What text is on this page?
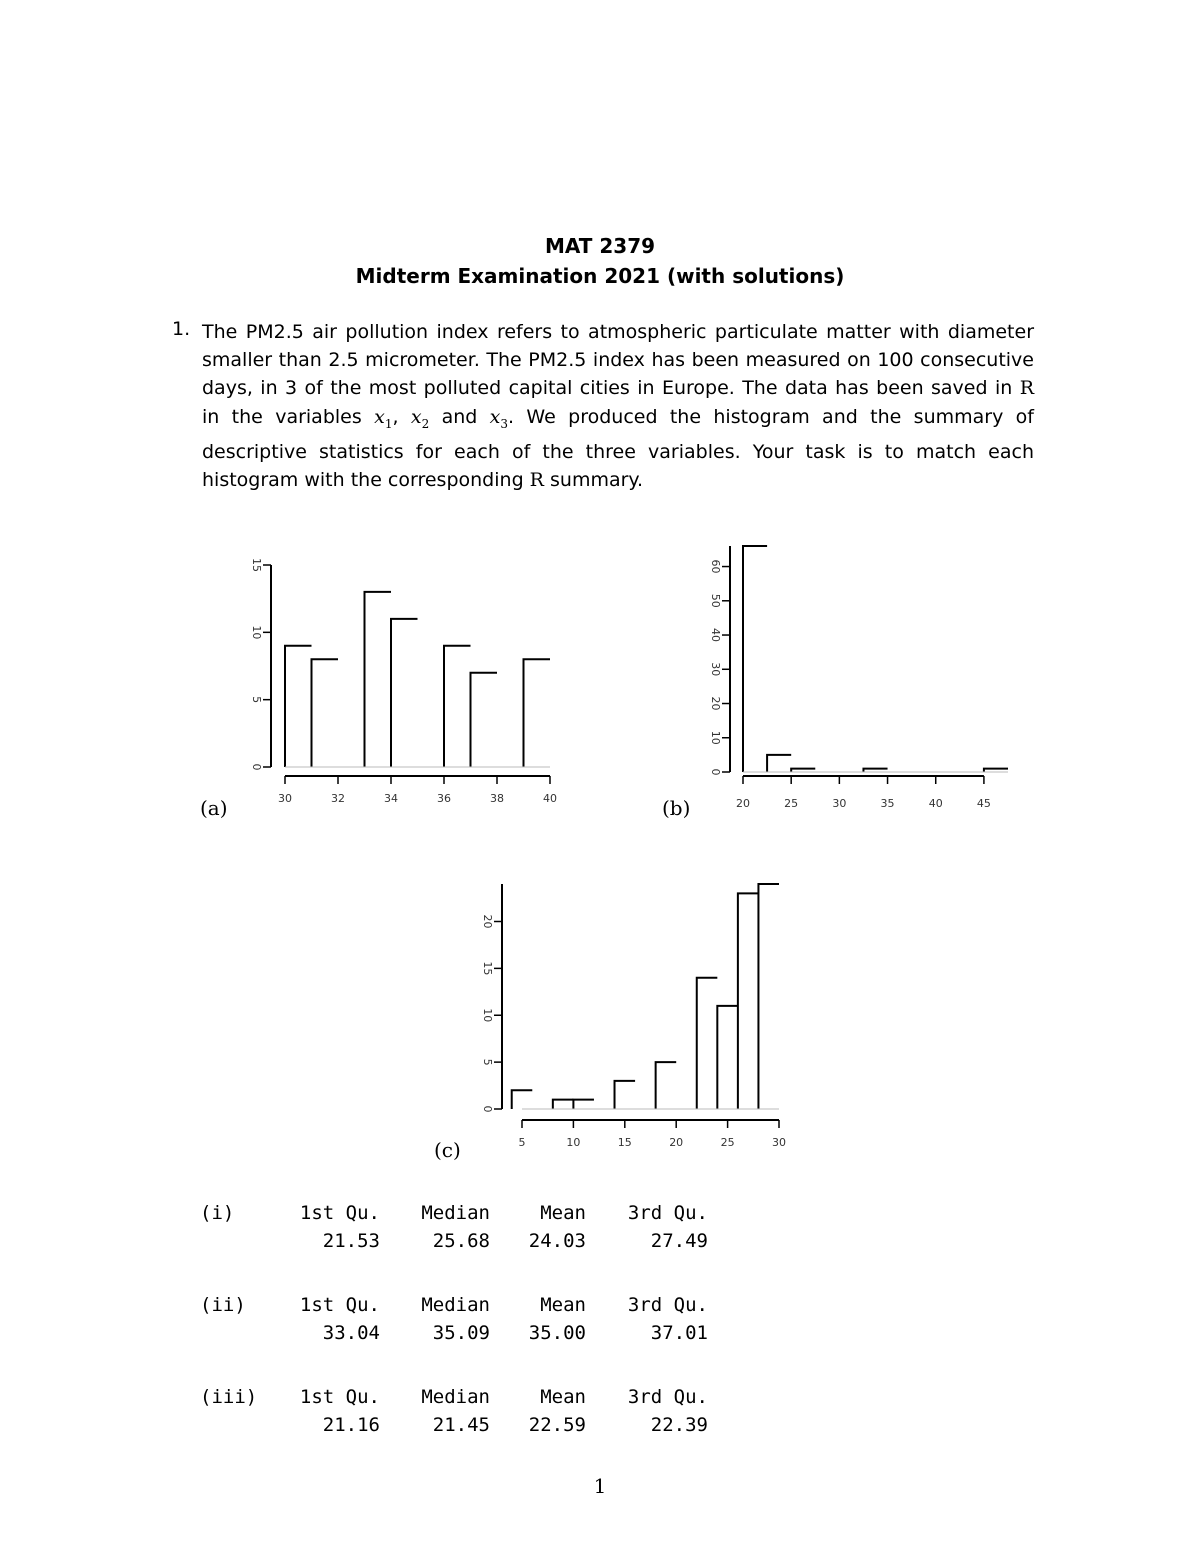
MAT 2379
Midterm Examination 2021 (with solutions)
1. The PM2.5 air pollution index refers to atmospheric particulate matter with diameter smaller than 2.5 micrometer. The PM2.5 index has been measured on 100 consecutive days, in 3 of the most polluted capital cities in Europe. The data has been saved in R in the variables $x_1$, $x_2$ and $x_3$. We produced the histogram and the summary of descriptive statistics for each of the three variables. Your task is to match each histogram with the corresponding R summary.

0
5
10
15
30	32	34	36	38	40
0
10
20
30
40
50
60
20	25	30	35	40	45
0
5
10
15
20
5	10	15	20	25	30
(a)	(b)
(c)
(i)	1st Qu.	Median	Mean	3rd Qu.
21.53	25.68	24.03	27.49
(ii)	1st Qu.	Median	Mean	3rd Qu.
33.04	35.09	35.00	37.01
(iii)	1st Qu.	Median	Mean	3rd Qu.
21.16	21.45	22.59	22.39
1
